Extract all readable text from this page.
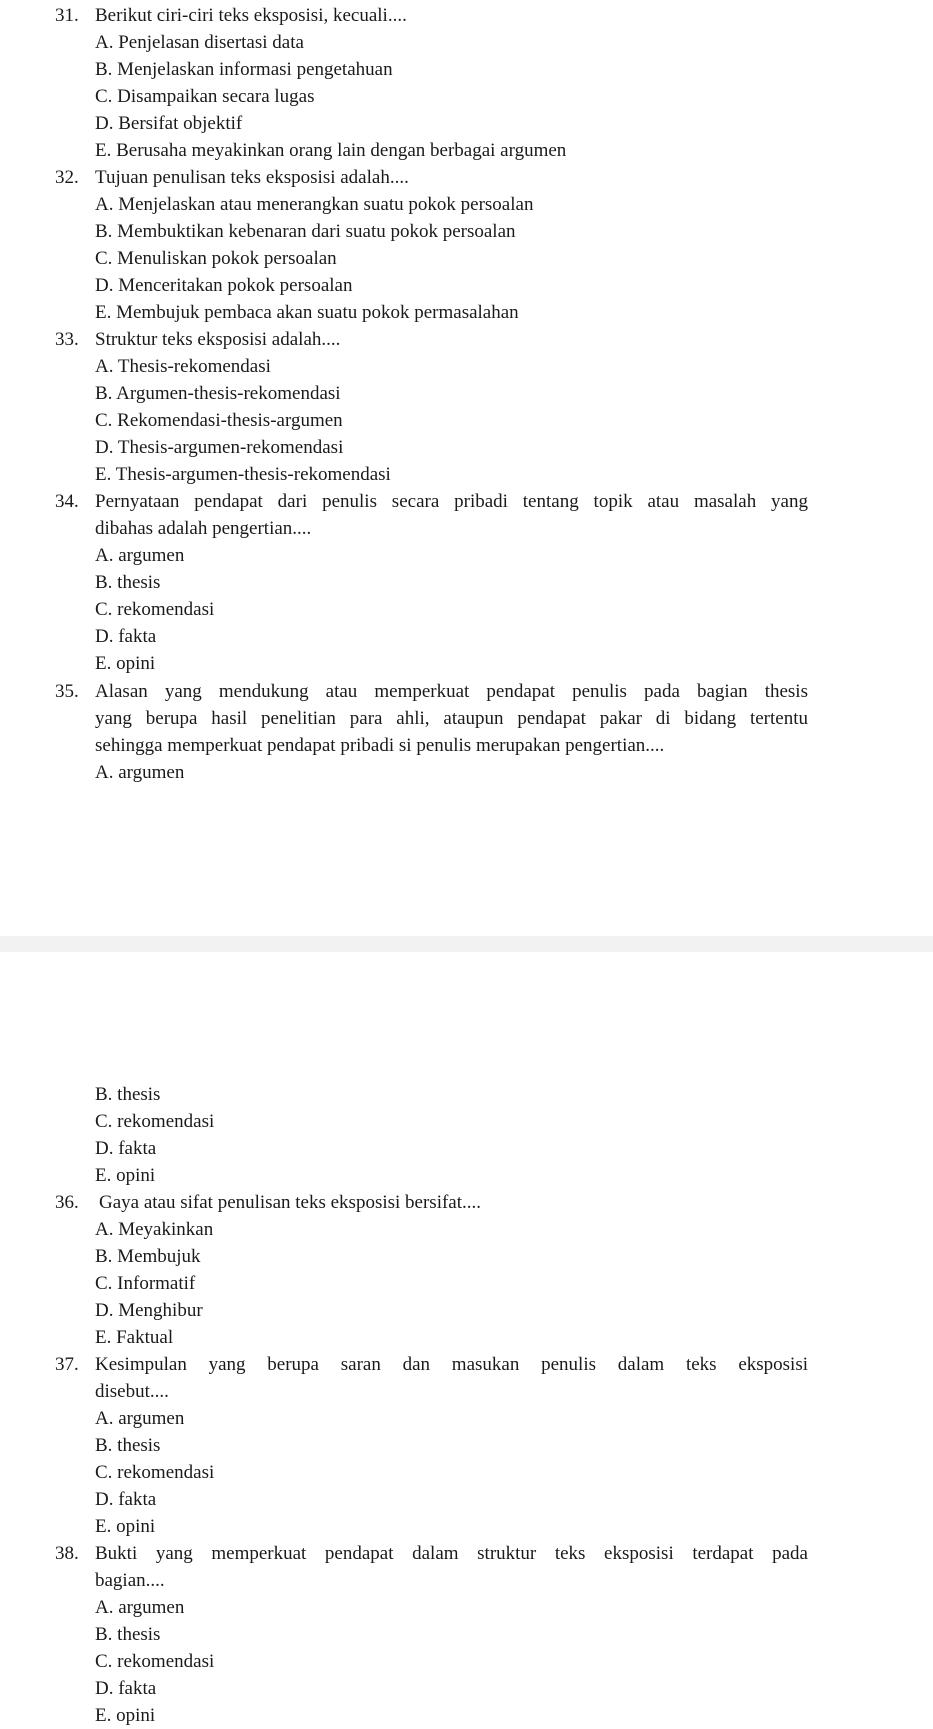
31. Berikut ciri-ciri teks eksposisi, kecuali....
A. Penjelasan disertasi data
B. Menjelaskan informasi pengetahuan
C. Disampaikan secara lugas
D. Bersifat objektif
E. Berusaha meyakinkan orang lain dengan berbagai argumen
32. Tujuan penulisan teks eksposisi adalah....
A. Menjelaskan atau menerangkan suatu pokok persoalan
B. Membuktikan kebenaran dari suatu pokok persoalan
C. Menuliskan pokok persoalan
D. Menceritakan pokok persoalan
E. Membujuk pembaca akan suatu pokok permasalahan
33. Struktur teks eksposisi adalah....
A. Thesis-rekomendasi
B. Argumen-thesis-rekomendasi
C. Rekomendasi-thesis-argumen
D. Thesis-argumen-rekomendasi
E. Thesis-argumen-thesis-rekomendasi
34. Pernyataan pendapat dari penulis secara pribadi tentang topik atau masalah yang
dibahas adalah pengertian....
A. argumen
B. thesis
C. rekomendasi
D. fakta
E. opini
35. Alasan yang mendukung atau memperkuat pendapat penulis pada bagian thesis
yang berupa hasil penelitian para ahli, ataupun pendapat pakar di bidang tertentu
sehingga memperkuat pendapat pribadi si penulis merupakan pengertian....
A. argumen
B. thesis
C. rekomendasi
D. fakta
E. opini
36.	Gaya atau sifat penulisan teks eksposisi bersifat....
A. Meyakinkan
B. Membujuk
C. Informatif
D. Menghibur
E. Faktual
37. Kesimpulan yang berupa saran dan masukan penulis dalam teks eksposisi
disebut....
A. argumen
B. thesis
C. rekomendasi
D. fakta
E. opini
38. Bukti yang memperkuat pendapat dalam struktur teks eksposisi terdapat pada
bagian....
A. argumen
B. thesis
C. rekomendasi
D. fakta
E. opini
